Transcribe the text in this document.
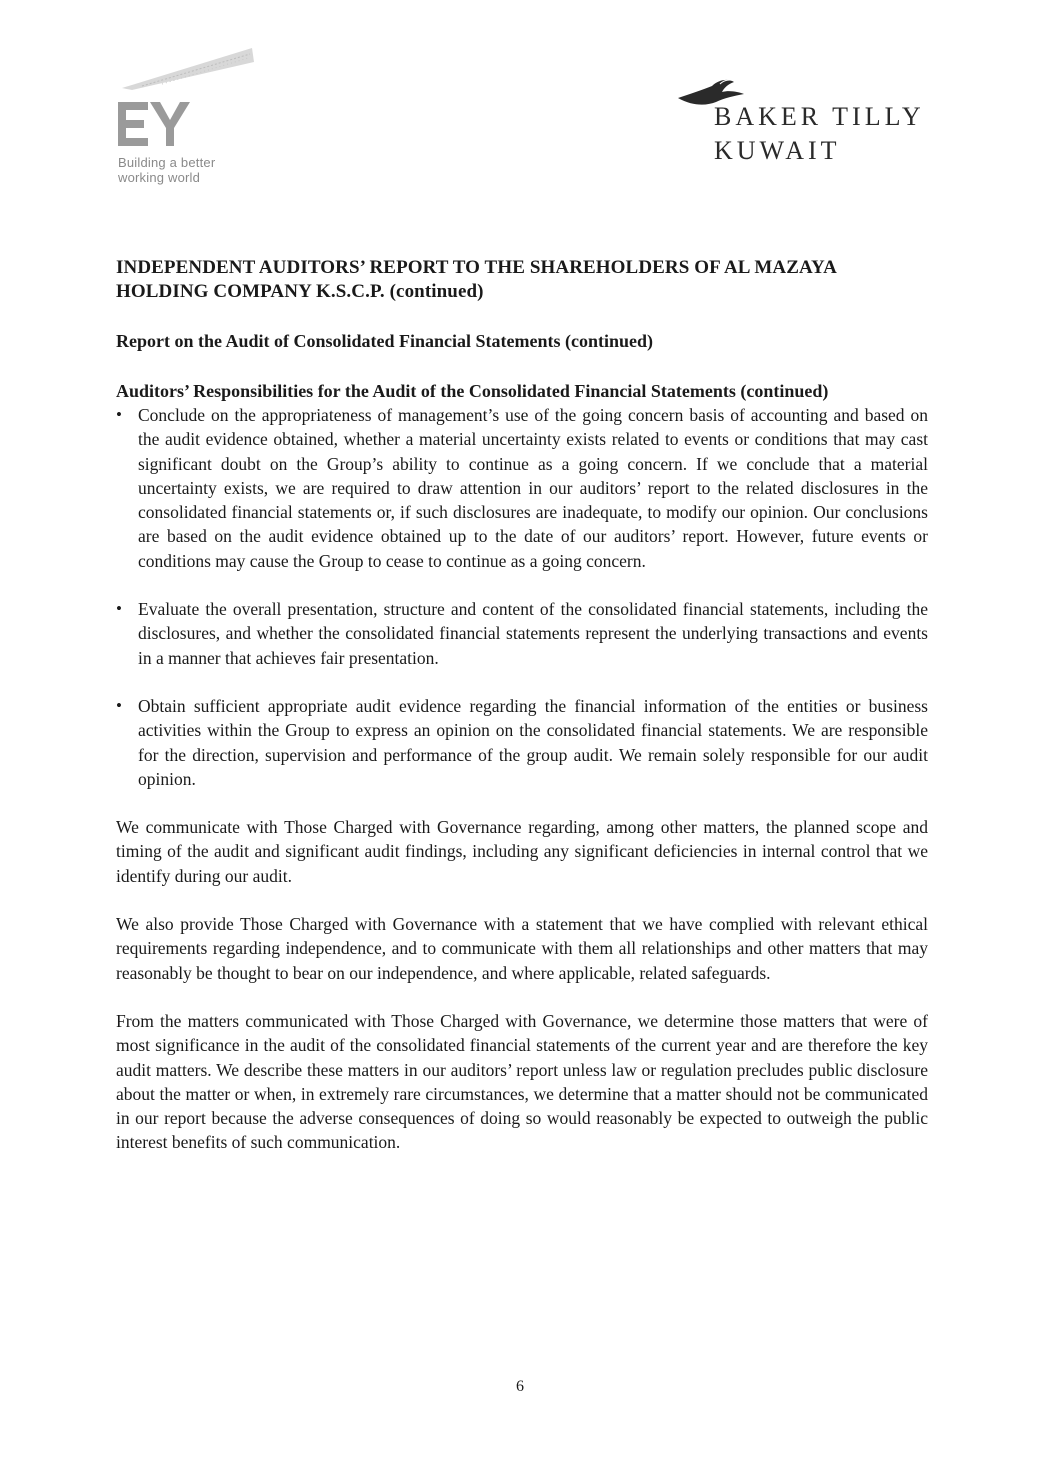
Building a better
working world
BAKER TILLY
KUWAIT
INDEPENDENT AUDITORS’ REPORT TO THE SHAREHOLDERS OF AL MAZAYA HOLDING COMPANY K.S.C.P. (continued)
Report on the Audit of Consolidated Financial Statements (continued)
Auditors’ Responsibilities for the Audit of the Consolidated Financial Statements (continued)
• Conclude on the appropriateness of management’s use of the going concern basis of accounting and based on the audit evidence obtained, whether a material uncertainty exists related to events or conditions that may cast significant doubt on the Group’s ability to continue as a going concern. If we conclude that a material uncertainty exists, we are required to draw attention in our auditors’ report to the related disclosures in the consolidated financial statements or, if such disclosures are inadequate, to modify our opinion. Our conclusions are based on the audit evidence obtained up to the date of our auditors’ report. However, future events or conditions may cause the Group to cease to continue as a going concern.
• Evaluate the overall presentation, structure and content of the consolidated financial statements, including the disclosures, and whether the consolidated financial statements represent the underlying transactions and events in a manner that achieves fair presentation.
• Obtain sufficient appropriate audit evidence regarding the financial information of the entities or business activities within the Group to express an opinion on the consolidated financial statements. We are responsible for the direction, supervision and performance of the group audit. We remain solely responsible for our audit opinion.

We communicate with Those Charged with Governance regarding, among other matters, the planned scope and timing of the audit and significant audit findings, including any significant deficiencies in internal control that we identify during our audit.

We also provide Those Charged with Governance with a statement that we have complied with relevant ethical requirements regarding independence, and to communicate with them all relationships and other matters that may reasonably be thought to bear on our independence, and where applicable, related safeguards.

From the matters communicated with Those Charged with Governance, we determine those matters that were of most significance in the audit of the consolidated financial statements of the current year and are therefore the key audit matters. We describe these matters in our auditors’ report unless law or regulation precludes public disclosure about the matter or when, in extremely rare circumstances, we determine that a matter should not be communicated in our report because the adverse consequences of doing so would reasonably be expected to outweigh the public interest benefits of such communication.

6
